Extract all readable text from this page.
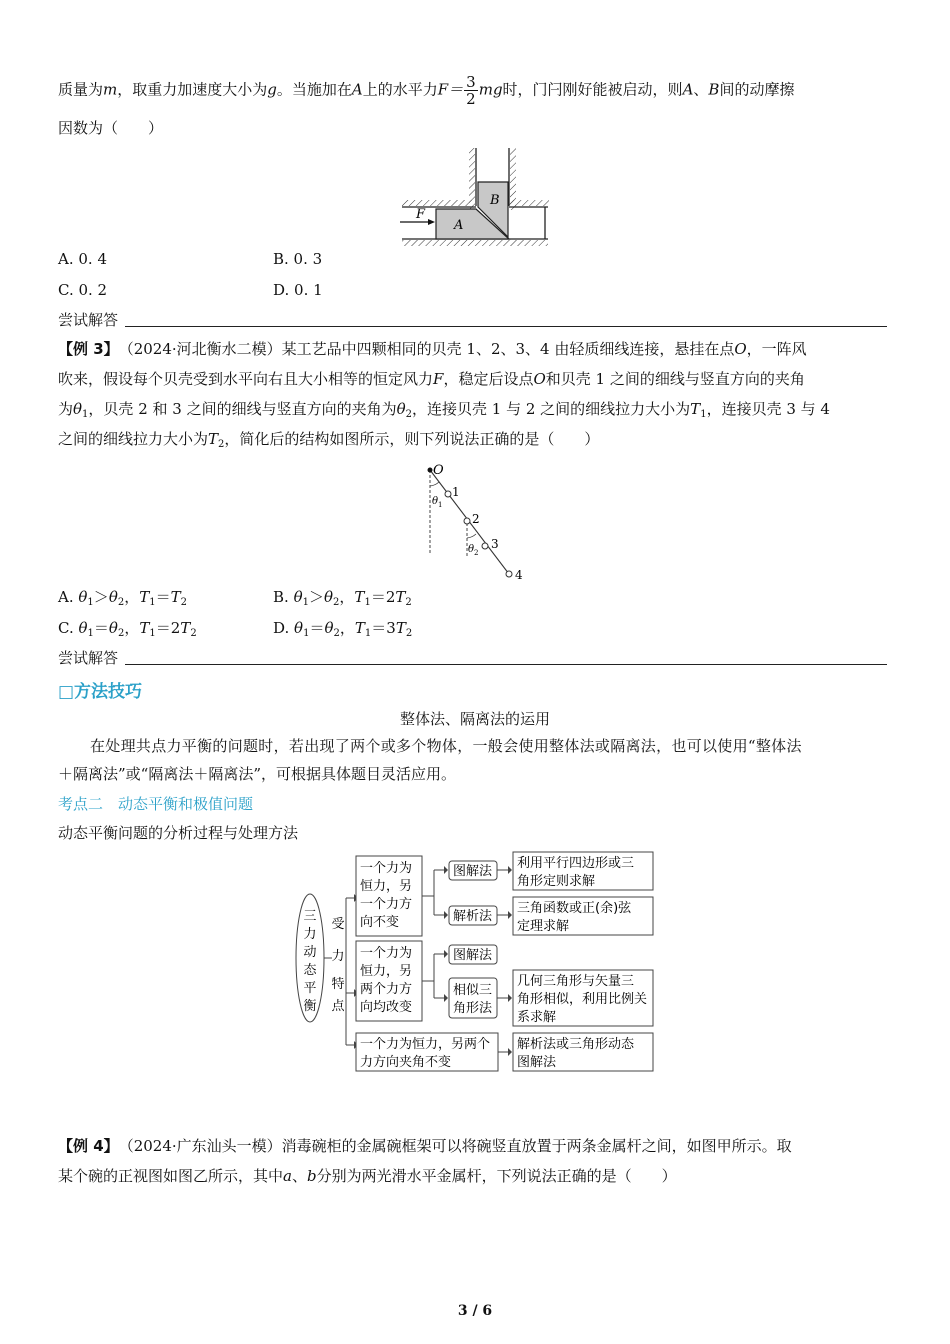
质量为m，取重力加速度大小为g。当施加在A上的水平力$F= \frac{3}{2}$ mg时，门闩刚好能被启动，则A、B间的动摩擦
因数为（　　）
F
A
B
A. 0. 4	B. 0. 3
C. 0. 2	D. 0. 1
尝试解答
【例 3】　 （2024·河北衡水二模）某工艺品中四颗相同的贝壳 1、2、3、4 由轻质细线连接，悬挂在点O，一阵风
吹来，假设每个贝壳受到水平向右且大小相等的恒定风力F，稳定后设点O和贝壳 1 之间的细线与竖直方向的夹角
为$\theta_1$，贝壳 2 和 3 之间的细线与竖直方向的夹角为$\theta_2$，连接贝壳 1 与 2 之间的细线拉力大小为$T_1$，连接贝壳 3 与 4
之间的细线拉力大小为$T_2$，简化后的结构如图所示，则下列说法正确的是（　　）
O
1
2
3
4
θ 1
θ 2
A. $\theta_1>\theta_2$，$T_1=T_2$	B. $\theta_1>\theta_2$，$T_1=2T_2$
C. $\theta_1=\theta_2$，$T_1=2T_2$	D. $\theta_1=\theta_2$，$T_1=3T_2$
尝试解答
□方法技巧
整体法、隔离法的运用
在处理共点力平衡的问题时，若出现了两个或多个物体，一般会使用整体法或隔离法，也可以使用“整体法
＋隔离法”或“隔离法＋隔离法”，可根据具体题目灵活应用。
考点二　动态平衡和极值问题
动态平衡问题的分析过程与处理方法
三
力
动
态
平
衡
受
力
特
点
一个力为
恒力，另
一个力方
向不变
一个力为
恒力，另
两个力方
向均改变
一个力为恒力，另两个
力方向夹角不变
图解法
解析法
图解法
相似三
角形法
利用平行四边形或三
角形定则求解
三角函数或正(余)弦
定理求解
几何三角形与矢量三
角形相似，利用比例关
系求解
解析法或三角形动态
图解法
【例 4】　 （2024·广东汕头一模）消毒碗柜的金属碗框架可以将碗竖直放置于两条金属杆之间，如图甲所示。取
某个碗的正视图如图乙所示，其中a、b分别为两光滑水平金属杆，下列说法正确的是（　　）
3 / 6
